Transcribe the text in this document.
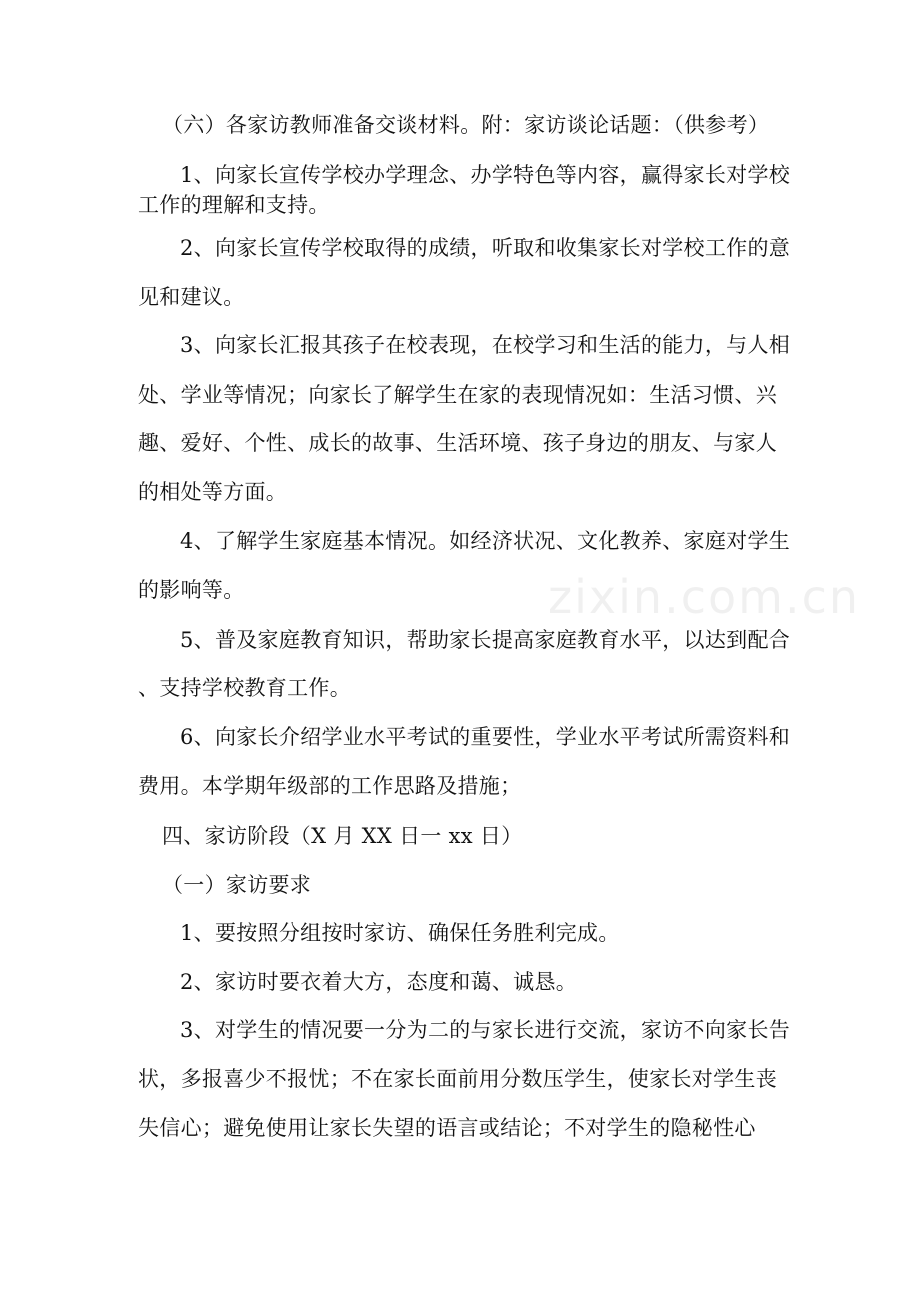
zixin.com.cn
（六）各家访教师准备交谈材料。附：家访谈论话题：（供参考）
1、向家长宣传学校办学理念、办学特色等内容，赢得家长对学校
工作的理解和支持。
2、向家长宣传学校取得的成绩，听取和收集家长对学校工作的意
见和建议。
3、向家长汇报其孩子在校表现，在校学习和生活的能力，与人相
处、学业等情况；向家长了解学生在家的表现情况如：生活习惯、兴
趣、爱好、个性、成长的故事、生活环境、孩子身边的朋友、与家人
的相处等方面。
4、了解学生家庭基本情况。如经济状况、文化教养、家庭对学生
的影响等。
5、普及家庭教育知识，帮助家长提高家庭教育水平，以达到配合
、支持学校教育工作。
6、向家长介绍学业水平考试的重要性，学业水平考试所需资料和
费用。本学期年级部的工作思路及措施；
四、家访阶段（X 月 XX 日一 xx 日）
（一）家访要求
1、要按照分组按时家访、确保任务胜利完成。
2、家访时要衣着大方，态度和蔼、诚恳。
3、对学生的情况要一分为二的与家长进行交流，家访不向家长告
状，多报喜少不报忧；不在家长面前用分数压学生，使家长对学生丧
失信心；避免使用让家长失望的语言或结论；不对学生的隐秘性心
